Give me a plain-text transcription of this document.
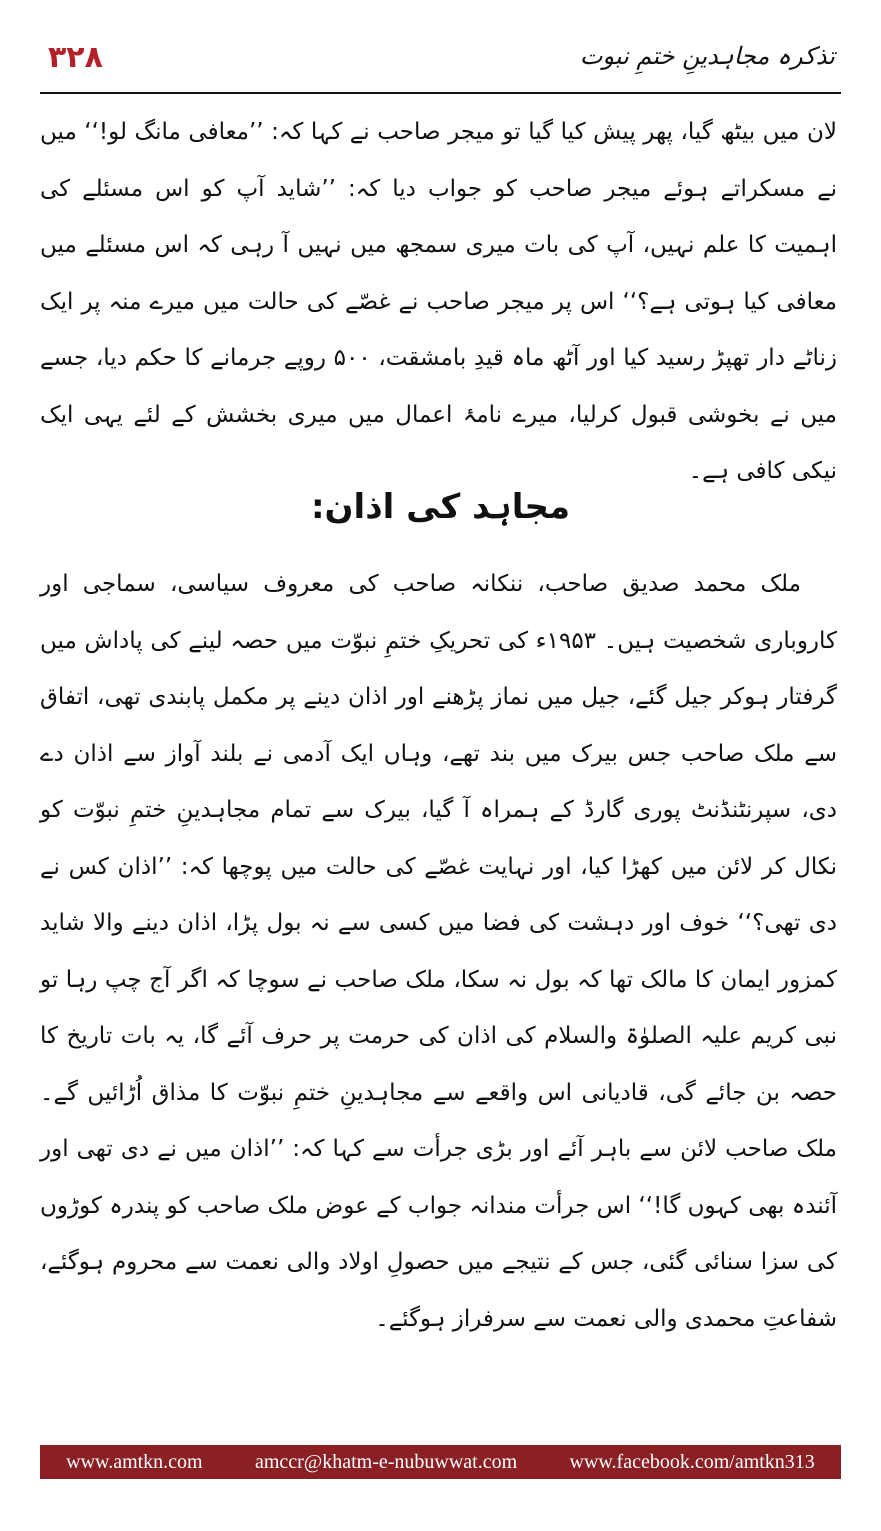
۳۲۸	تذکرہ مجاہدینِ ختمِ نبوت

لان میں بیٹھ گیا، پھر پیش کیا گیا تو میجر صاحب نے کہا کہ: ’’معافی مانگ لو!‘‘ میں نے مسکراتے ہوئے میجر صاحب کو جواب دیا کہ: ’’شاید آپ کو اس مسئلے کی اہمیت کا علم نہیں، آپ کی بات میری سمجھ میں نہیں آ رہی کہ اس مسئلے میں معافی کیا ہوتی ہے؟‘‘ اس پر میجر صاحب نے غصّے کی حالت میں میرے منہ پر ایک زناٹے دار تھپڑ رسید کیا اور آٹھ ماہ قیدِ بامشقت، ۵۰۰ روپے جرمانے کا حکم دیا، جسے میں نے بخوشی قبول کرلیا، میرے نامۂ اعمال میں میری بخشش کے لئے یہی ایک نیکی کافی ہے۔

مجاہد کی اذان:

ملک محمد صدیق صاحب، ننکانہ صاحب کی معروف سیاسی، سماجی اور کاروباری شخصیت ہیں۔ ۱۹۵۳ء کی تحریکِ ختمِ نبوّت میں حصہ لینے کی پاداش میں گرفتار ہوکر جیل گئے، جیل میں نماز پڑھنے اور اذان دینے پر مکمل پابندی تھی، اتفاق سے ملک صاحب جس بیرک میں بند تھے، وہاں ایک آدمی نے بلند آواز سے اذان دے دی، سپرنٹنڈنٹ پوری گارڈ کے ہمراہ آ گیا، بیرک سے تمام مجاہدینِ ختمِ نبوّت کو نکال کر لائن میں کھڑا کیا، اور نہایت غصّے کی حالت میں پوچھا کہ: ’’اذان کس نے دی تھی؟‘‘ خوف اور دہشت کی فضا میں کسی سے نہ بول پڑا، اذان دینے والا شاید کمزور ایمان کا مالک تھا کہ بول نہ سکا، ملک صاحب نے سوچا کہ اگر آج چپ رہا تو نبی کریم علیہ الصلوٰۃ والسلام کی اذان کی حرمت پر حرف آئے گا، یہ بات تاریخ کا حصہ بن جائے گی، قادیانی اس واقعے سے مجاہدینِ ختمِ نبوّت کا مذاق اُڑائیں گے۔ ملک صاحب لائن سے باہر آئے اور بڑی جرأت سے کہا کہ: ’’اذان میں نے دی تھی اور آئندہ بھی کہوں گا!‘‘ اس جرأت مندانہ جواب کے عوض ملک صاحب کو پندرہ کوڑوں کی سزا سنائی گئی، جس کے نتیجے میں حصولِ اولاد والی نعمت سے محروم ہوگئے، شفاعتِ محمدی والی نعمت سے سرفراز ہوگئے۔

www.amtkn.com	amccr@khatm-e-nubuwwat.com	www.facebook.com/amtkn313
